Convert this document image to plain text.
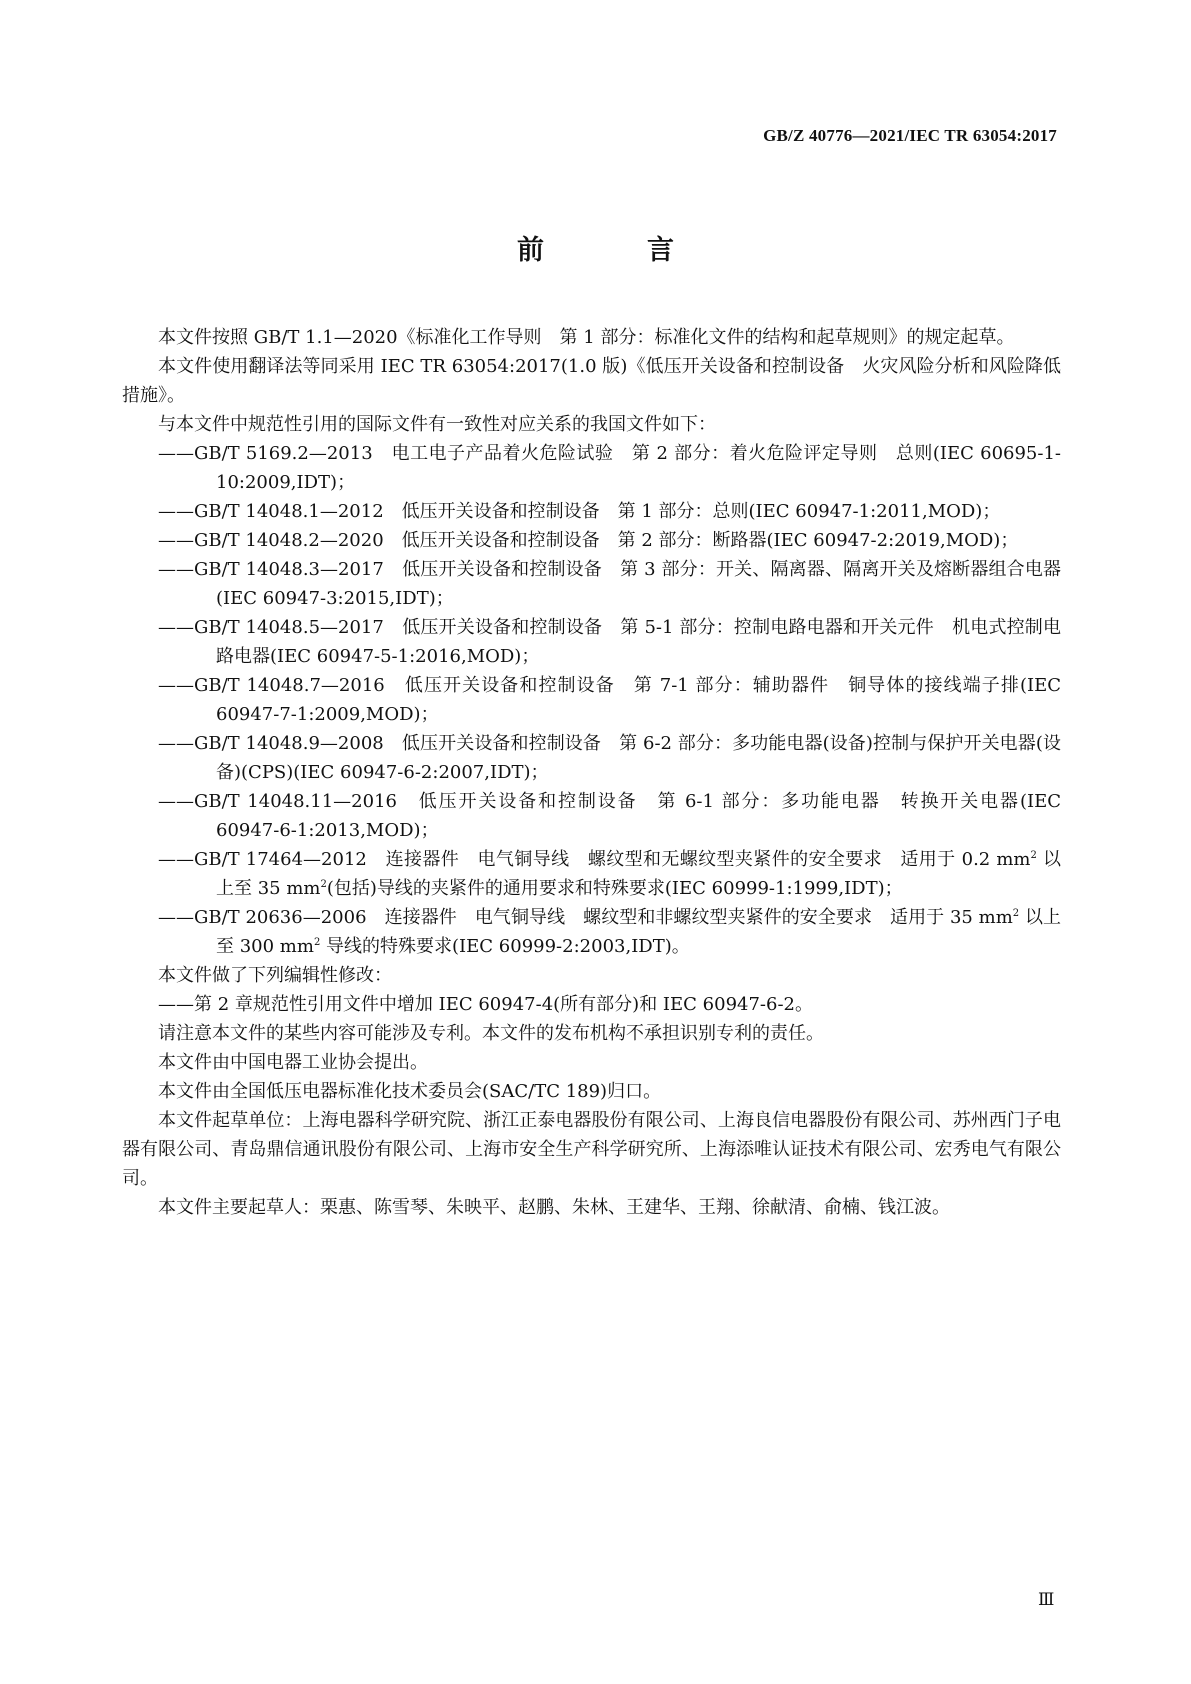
GB/Z 40776—2021/IEC TR 63054:2017
前　言

本文件按照 GB/T 1.1—2020《标准化工作导则　第 1 部分：标准化文件的结构和起草规则》的规定起草。

本文件使用翻译法等同采用 IEC TR 63054:2017(1.0 版)《低压开关设备和控制设备　火灾风险分析和风险降低措施》。

与本文件中规范性引用的国际文件有一致性对应关系的我国文件如下：

——GB/T 5169.2—2013　电工电子产品着火危险试验　第 2 部分：着火危险评定导则　总则(IEC 60695-1-10:2009,IDT)；

——GB/T 14048.1—2012　低压开关设备和控制设备　第 1 部分：总则(IEC 60947-1:2011,MOD)；

——GB/T 14048.2—2020　低压开关设备和控制设备　第 2 部分：断路器(IEC 60947-2:2019,MOD)；

——GB/T 14048.3—2017　低压开关设备和控制设备　第 3 部分：开关、隔离器、隔离开关及熔断器组合电器(IEC 60947-3:2015,IDT)；

——GB/T 14048.5—2017　低压开关设备和控制设备　第 5-1 部分：控制电路电器和开关元件　机电式控制电路电器(IEC 60947-5-1:2016,MOD)；

——GB/T 14048.7—2016　低压开关设备和控制设备　第 7-1 部分：辅助器件　铜导体的接线端子排(IEC 60947-7-1:2009,MOD)；

——GB/T 14048.9—2008　低压开关设备和控制设备　第 6-2 部分：多功能电器(设备)控制与保护开关电器(设备)(CPS)(IEC 60947-6-2:2007,IDT)；

——GB/T 14048.11—2016　低压开关设备和控制设备　第 6-1 部分：多功能电器　转换开关电器(IEC 60947-6-1:2013,MOD)；

——GB/T 17464—2012　连接器件　电气铜导线　螺纹型和无螺纹型夹紧件的安全要求　适用于 0.2 $mm^2$ 以上至 35 $mm^2$(包括)导线的夹紧件的通用要求和特殊要求(IEC 60999-1:1999,IDT)；

——GB/T 20636—2006　连接器件　电气铜导线　螺纹型和非螺纹型夹紧件的安全要求　适用于 35 $mm^2$ 以上至 300 $mm^2$ 导线的特殊要求(IEC 60999-2:2003,IDT)。

本文件做了下列编辑性修改：

——第 2 章规范性引用文件中增加 IEC 60947-4(所有部分)和 IEC 60947-6-2。

请注意本文件的某些内容可能涉及专利。本文件的发布机构不承担识别专利的责任。

本文件由中国电器工业协会提出。

本文件由全国低压电器标准化技术委员会(SAC/TC 189)归口。

本文件起草单位：上海电器科学研究院、浙江正泰电器股份有限公司、上海良信电器股份有限公司、苏州西门子电器有限公司、青岛鼎信通讯股份有限公司、上海市安全生产科学研究所、上海添唯认证技术有限公司、宏秀电气有限公司。

本文件主要起草人：栗惠、陈雪琴、朱映平、赵鹏、朱林、王建华、王翔、徐献清、俞楠、钱江波。

Ⅲ
